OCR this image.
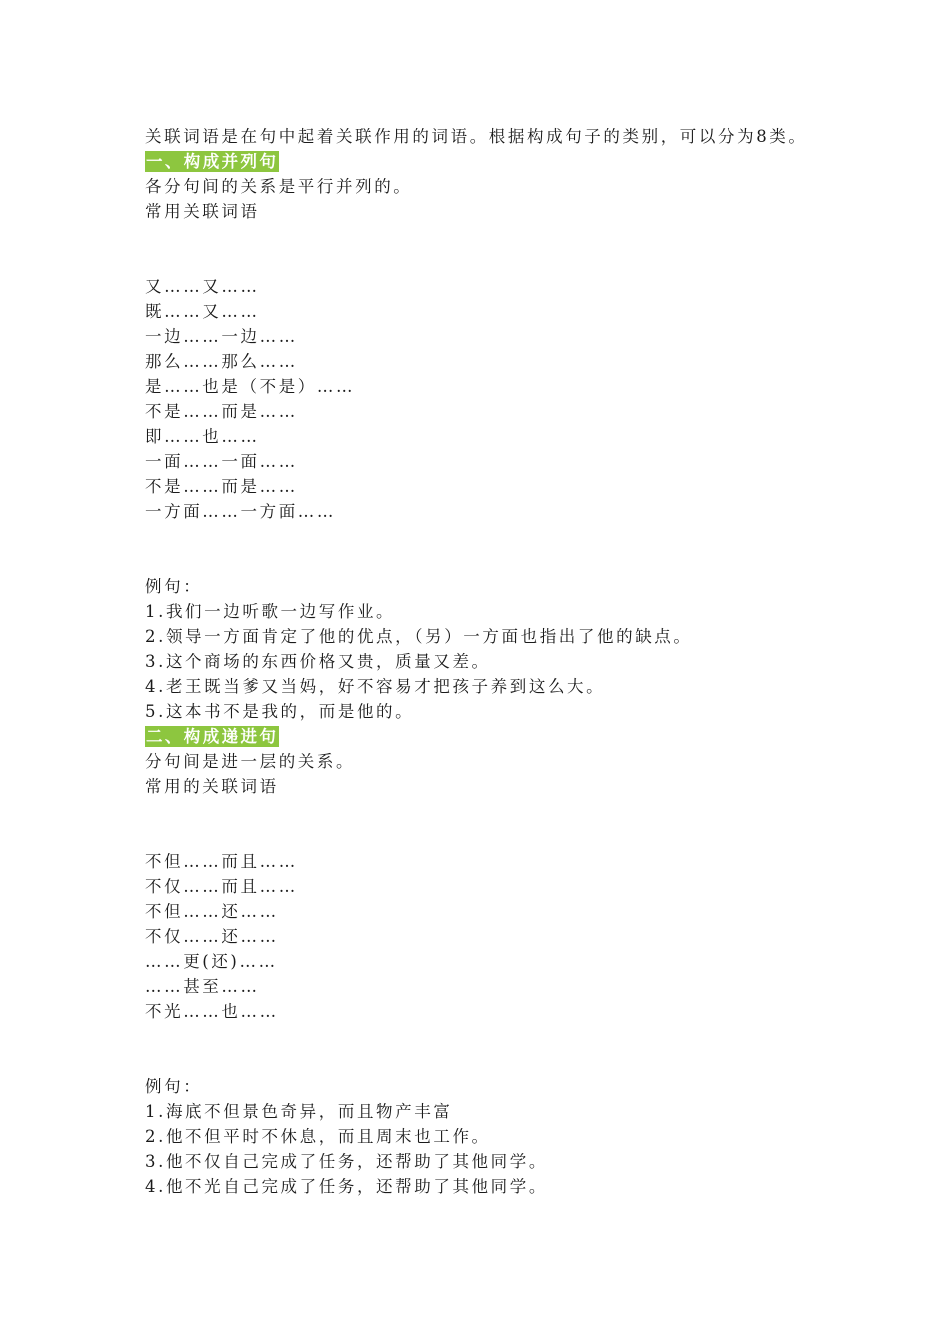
关联词语是在句中起着关联作用的词语。根据构成句子的类别，可以分为8类。
一、构成并列句
各分句间的关系是平行并列的。
常用关联词语
又……又……
既……又……
一边……一边……
那么……那么……
是……也是（不是）……
不是……而是……
即……也……
一面……一面……
不是……而是……
一方面……一方面……
例句：
1.我们一边听歌一边写作业。
2.领导一方面肯定了他的优点，（另）一方面也指出了他的缺点。
3.这个商场的东西价格又贵，质量又差。
4.老王既当爹又当妈，好不容易才把孩子养到这么大。
5.这本书不是我的，而是他的。
二、构成递进句
分句间是进一层的关系。
常用的关联词语
不但……而且……
不仅……而且……
不但……还……
不仅……还……
……更(还)……
……甚至……
不光……也……
例句：
1.海底不但景色奇异，而且物产丰富
2.他不但平时不休息，而且周末也工作。
3.他不仅自己完成了任务，还帮助了其他同学。
4.他不光自己完成了任务，还帮助了其他同学。
